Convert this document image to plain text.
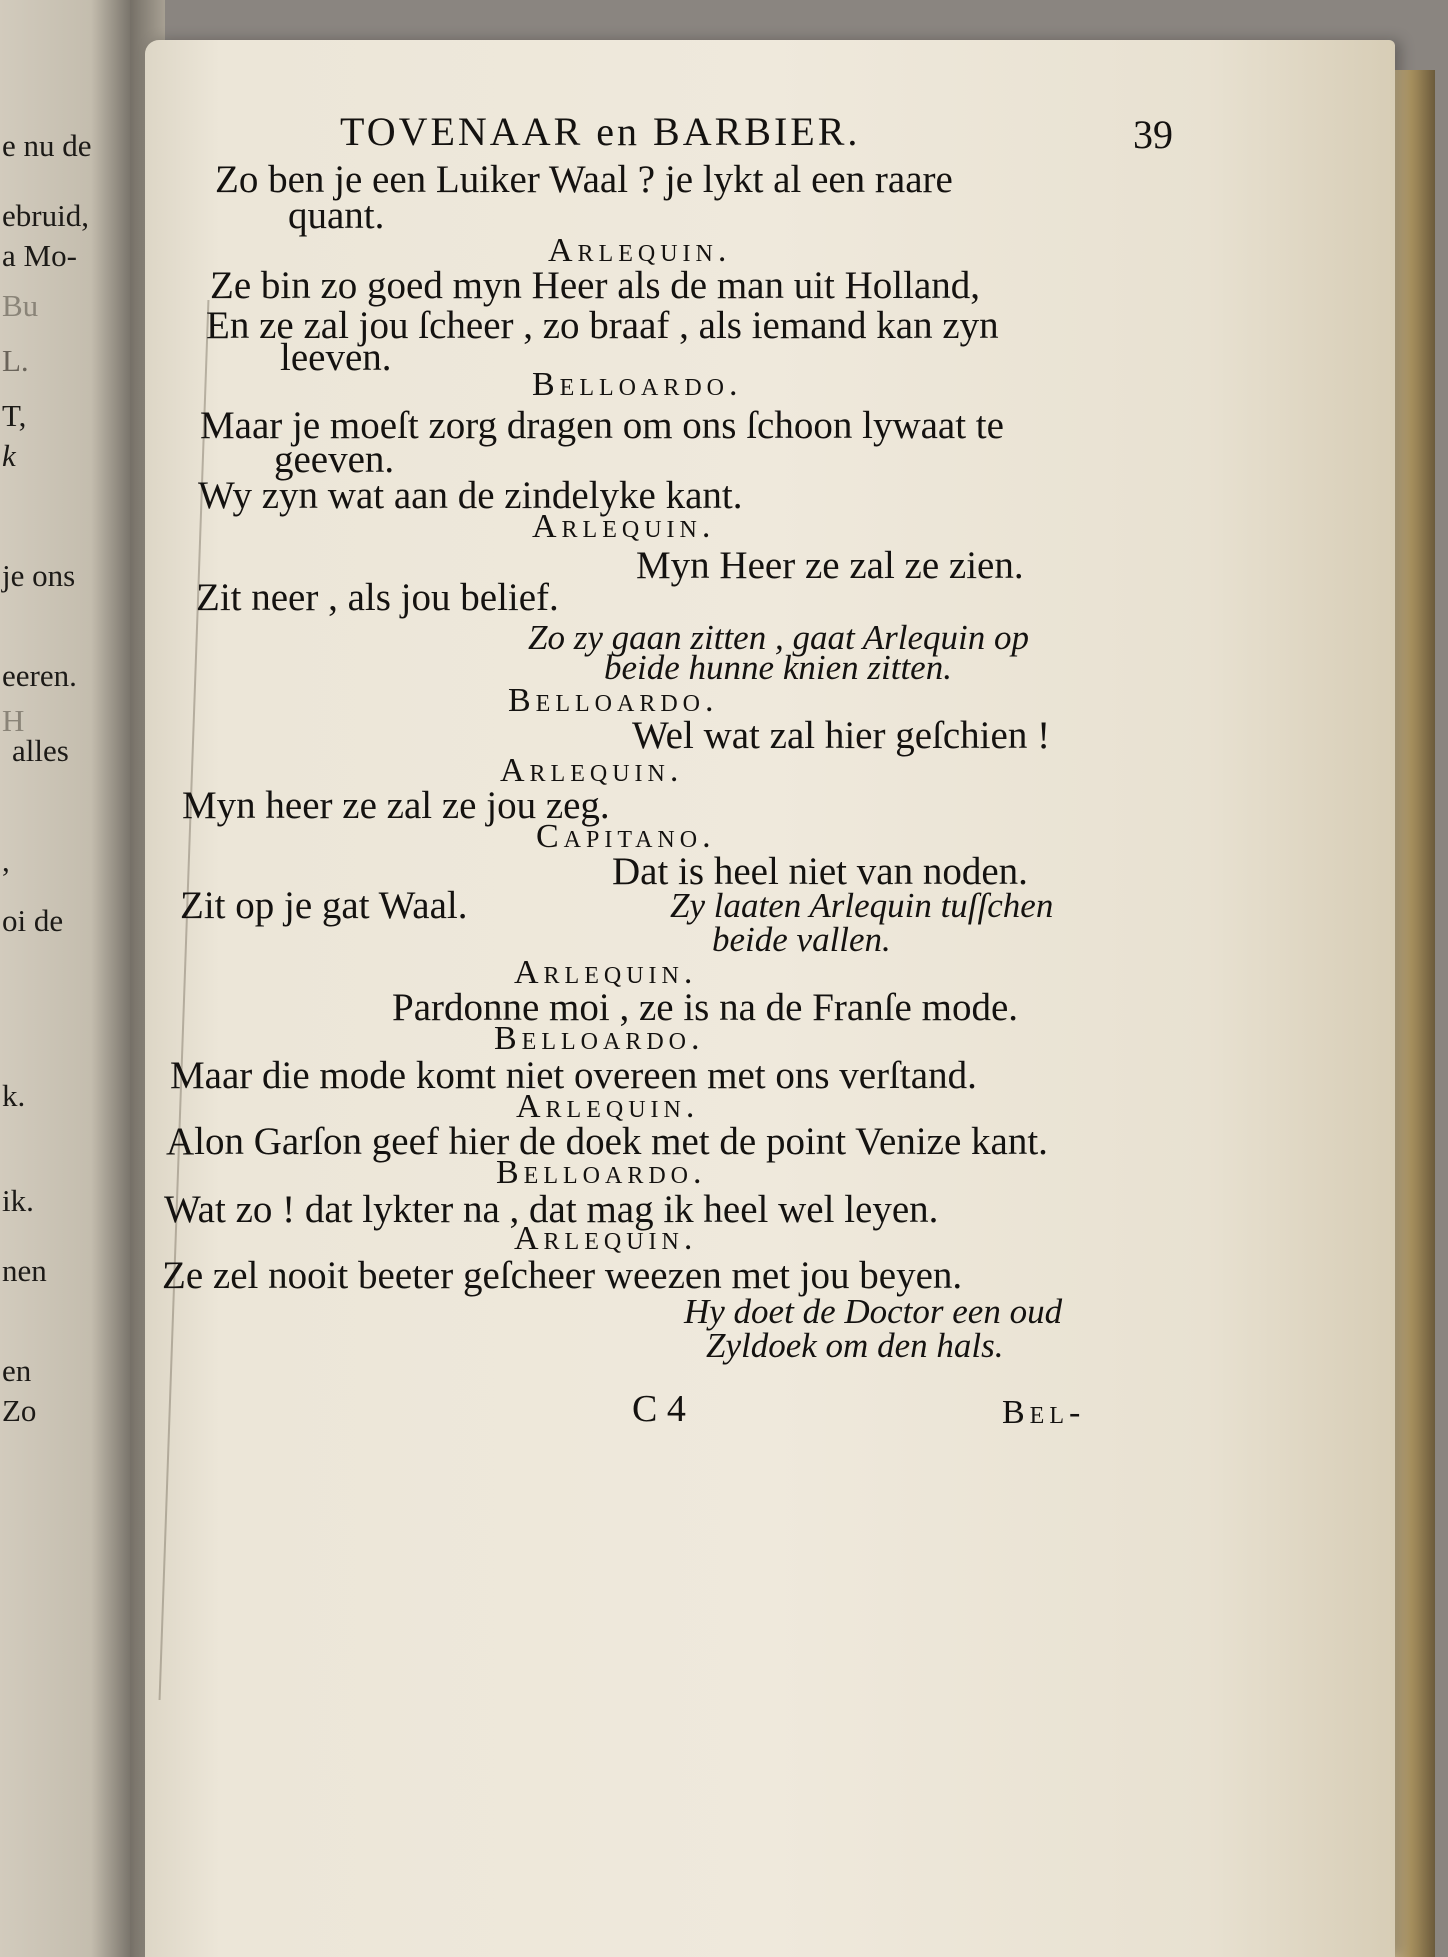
e nu de
ebruid,
a Mo-
Bu
L.
T,
k
je ons
eeren.
H
alles
,
oi de
k.
ik.
nen
en
Zo
TOVENAAR en BARBIER.	39
Zo ben je een Luiker Waal ? je lykt al een raare
quant.
Arlequin.
Ze bin zo goed myn Heer als de man uit Holland,
En ze zal jou ſcheer , zo braaf , als iemand kan zyn
leeven.
Belloardo.
Maar je moeſt zorg dragen om ons ſchoon lywaat te
geeven.
Wy zyn wat aan de zindelyke kant.
Arlequin.
Myn Heer ze zal ze zien.
Zit neer , als jou belief.
Zo zy gaan zitten , gaat Arlequin op
beide hunne knien zitten.
Belloardo.
Wel wat zal hier geſchien !
Arlequin.
Myn heer ze zal ze jou zeg.
Capitano.
Dat is heel niet van noden.
Zit op je gat Waal.	Zy laaten Arlequin tuſſchen
beide vallen.
Arlequin.
Pardonne moi , ze is na de Franſe mode.
Belloardo.
Maar die mode komt niet overeen met ons verſtand.
Arlequin.
Alon Garſon geef hier de doek met de point Venize kant.
Belloardo.
Wat zo ! dat lykter na , dat mag ik heel wel leyen.
Arlequin.
Ze zel nooit beeter geſcheer weezen met jou beyen.
Hy doet de Doctor een oud
Zyldoek om den hals.
C 4	Bel-
